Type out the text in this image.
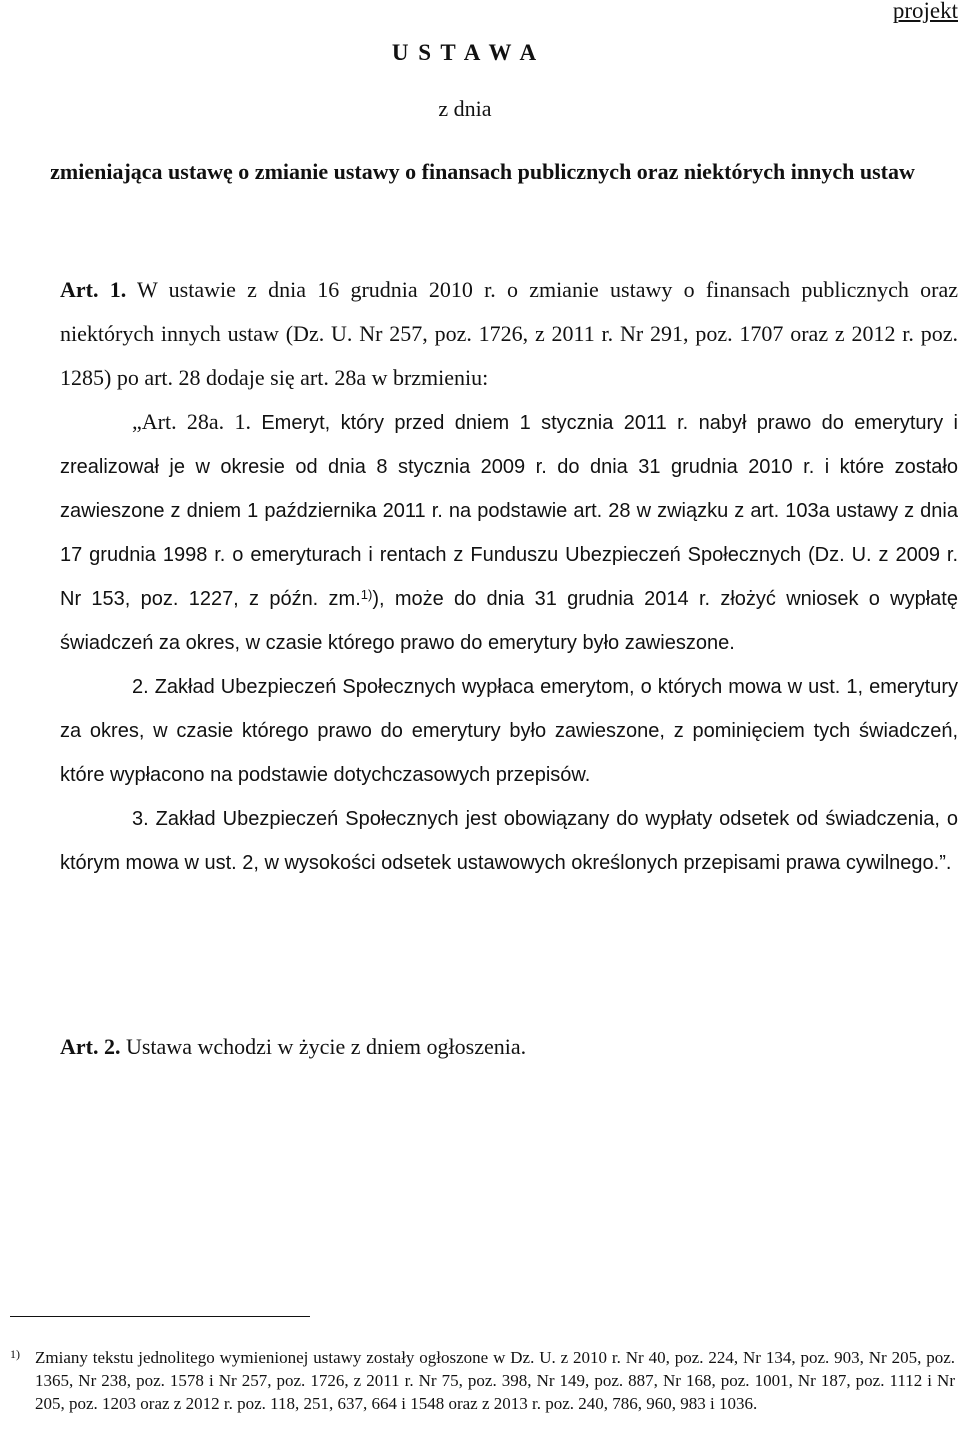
projekt
U S T A W A
z dnia
zmieniająca ustawę o zmianie ustawy o finansach publicznych oraz niektórych innych ustaw

Art. 1. W ustawie z dnia 16 grudnia 2010 r. o zmianie ustawy o finansach publicznych oraz niektórych innych ustaw (Dz. U. Nr 257, poz. 1726, z 2011 r. Nr 291, poz. 1707 oraz z 2012 r. poz. 1285) po art. 28 dodaje się art. 28a w brzmieniu:

„Art. 28a. 1. Emeryt, który przed dniem 1 stycznia 2011 r. nabył prawo do emerytury i zrealizował je w okresie od dnia 8 stycznia 2009 r. do dnia 31 grudnia 2010 r. i które zostało zawieszone z dniem 1 października 2011 r. na podstawie art. 28 w związku z art. 103a ustawy z dnia 17 grudnia 1998 r. o emeryturach i rentach z Funduszu Ubezpieczeń Społecznych (Dz. U. z 2009 r. Nr 153, poz. 1227, z późn. zm.$^{1)}$), może do dnia 31 grudnia 2014 r. złożyć wniosek o wypłatę świadczeń za okres, w czasie którego prawo do emerytury było zawieszone.

2. Zakład Ubezpieczeń Społecznych wypłaca emerytom, o których mowa w ust. 1, emerytury za okres, w czasie którego prawo do emerytury było zawieszone, z pominięciem tych świadczeń, które wypłacono na podstawie dotychczasowych przepisów.

3. Zakład Ubezpieczeń Społecznych jest obowiązany do wypłaty odsetek od świadczenia, o którym mowa w ust. 2, w wysokości odsetek ustawowych określonych przepisami prawa cywilnego.”.

Art. 2. Ustawa wchodzi w życie z dniem ogłoszenia.

1) Zmiany tekstu jednolitego wymienionej ustawy zostały ogłoszone w Dz. U. z 2010 r. Nr 40, poz. 224, Nr 134, poz. 903, Nr 205, poz. 1365, Nr 238, poz. 1578 i Nr 257, poz. 1726, z 2011 r. Nr 75, poz. 398, Nr 149, poz. 887, Nr 168, poz. 1001, Nr 187, poz. 1112 i Nr 205, poz. 1203 oraz z 2012 r. poz. 118, 251, 637, 664 i 1548 oraz z 2013 r. poz. 240, 786, 960, 983 i 1036.
